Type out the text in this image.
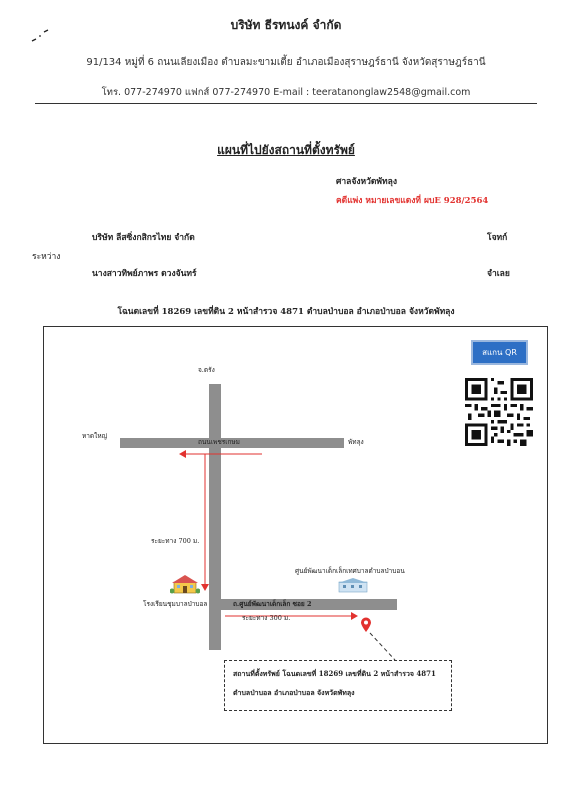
บริษัท ธีรทนงค์ จำกัด
91/134 หมู่ที่ 6 ถนนเลียงเมือง ตำบลมะขามเตี้ย อำเภอเมืองสุราษฎร์ธานี จังหวัดสุราษฎร์ธานี
โทร. 077-274970 แฟกส์ 077-274970 E-mail : teeratanonglaw2548@gmail.com
แผนที่ไปยังสถานที่ตั้งทรัพย์
ศาลจังหวัดพัทลุง
คดีแพ่ง หมายเลขแดงที่ ผบE 928/2564
บริษัท ลีสซิ่งกสิกรไทย จำกัด	โจทก์
ระหว่าง
นางสาวทิพย์ภาพร ดวงจันทร์	จำเลย
โฉนดเลขที่ 18269 เลขที่ดิน 2 หน้าสำรวจ 4871 ตำบลป่าบอล อำเภอป่าบอล จังหวัดพัทลุง
สแกน QR
จ.ตรัง
หาดใหญ่
พัทลุง
ถนนเพชรเกษม
ระยะทาง 700 ม.
โรงเรียนชุมบาลป่าบอล
ศูนย์พัฒนาเด็กเล็กเทศบาลตำบลป่าบอน
ถ.ศูนย์พัฒนาเด็กเล็ก ซอย 2
ระยะทาง 300 ม.
สถานที่ตั้งทรัพย์ โฉนดเลขที่ 18269 เลขที่ดิน 2 หน้าสำรวจ 4871
ตำบลป่าบอล อำเภอป่าบอล จังหวัดพัทลุง
